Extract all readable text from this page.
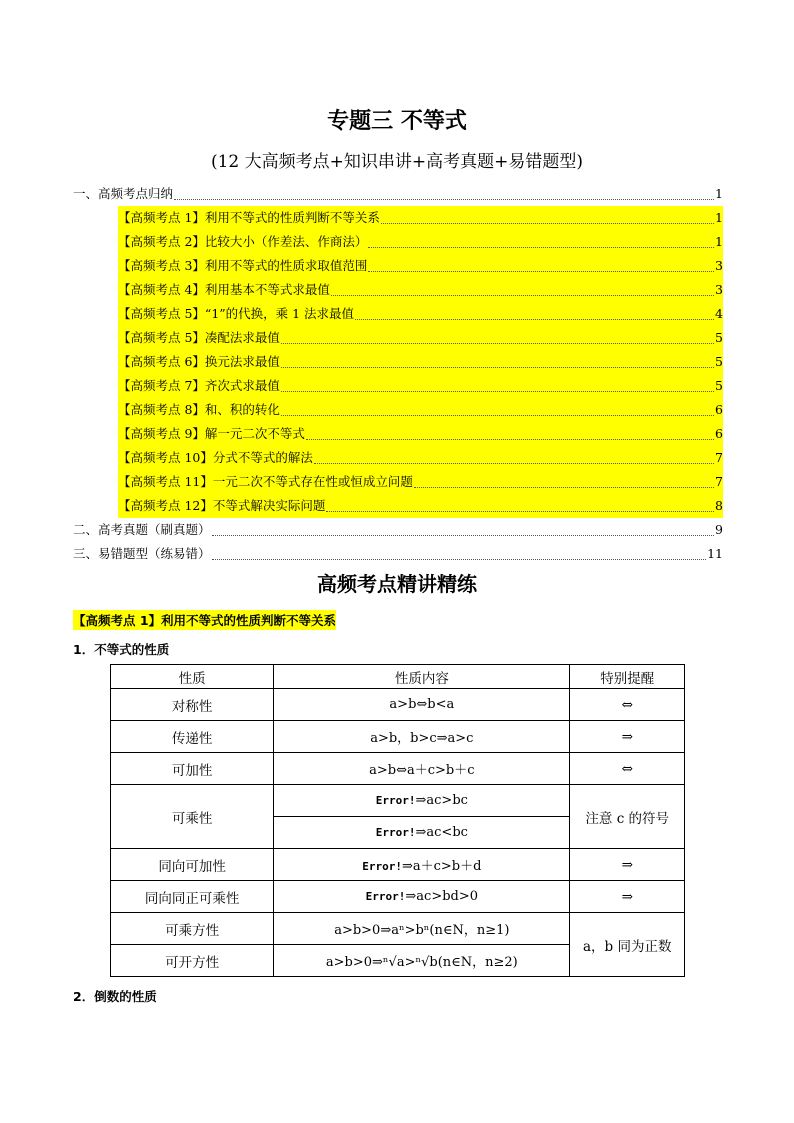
专题三 不等式
(12 大高频考点+知识串讲+高考真题+易错题型)
一、高频考点归纳	1
【高频考点 1】利用不等式的性质判断不等关系	1
【高频考点 2】比较大小（作差法、作商法）	1
【高频考点 3】利用不等式的性质求取值范围	3
【高频考点 4】利用基本不等式求最值	3
【高频考点 5】“1”的代换，乘 1 法求最值	4
【高频考点 5】凑配法求最值	5
【高频考点 6】换元法求最值	5
【高频考点 7】齐次式求最值	5
【高频考点 8】和、积的转化	6
【高频考点 9】解一元二次不等式	6
【高频考点 10】分式不等式的解法	7
【高频考点 11】一元二次不等式存在性或恒成立问题	7
【高频考点 12】不等式解决实际问题	8
二、高考真题（刷真题）	9
三、易错题型（练易错）	11
高频考点精讲精练
【高频考点 1】利用不等式的性质判断不等关系
1．不等式的性质
性质	性质内容	特别提醒
对称性	a>b⇔b<a	⇔
传递性	a>b，b>c⇒a>c	⇒
可加性	a>b⇔a＋c>b＋c	⇔
可乘性	Error!⇒ac>bc	注意 c 的符号
	Error!⇒ac<bc	
同向可加性	Error!⇒a＋c>b＋d	⇒
同向同正可乘性	Error!⇒ac>bd>0	⇒
可乘方性	a>b>0⇒aⁿ>bⁿ(n∈N，n≥1)	a，b 同为正数
可开方性	a>b>0⇒ⁿ√a>ⁿ√b(n∈N，n≥2)	
2．倒数的性质
